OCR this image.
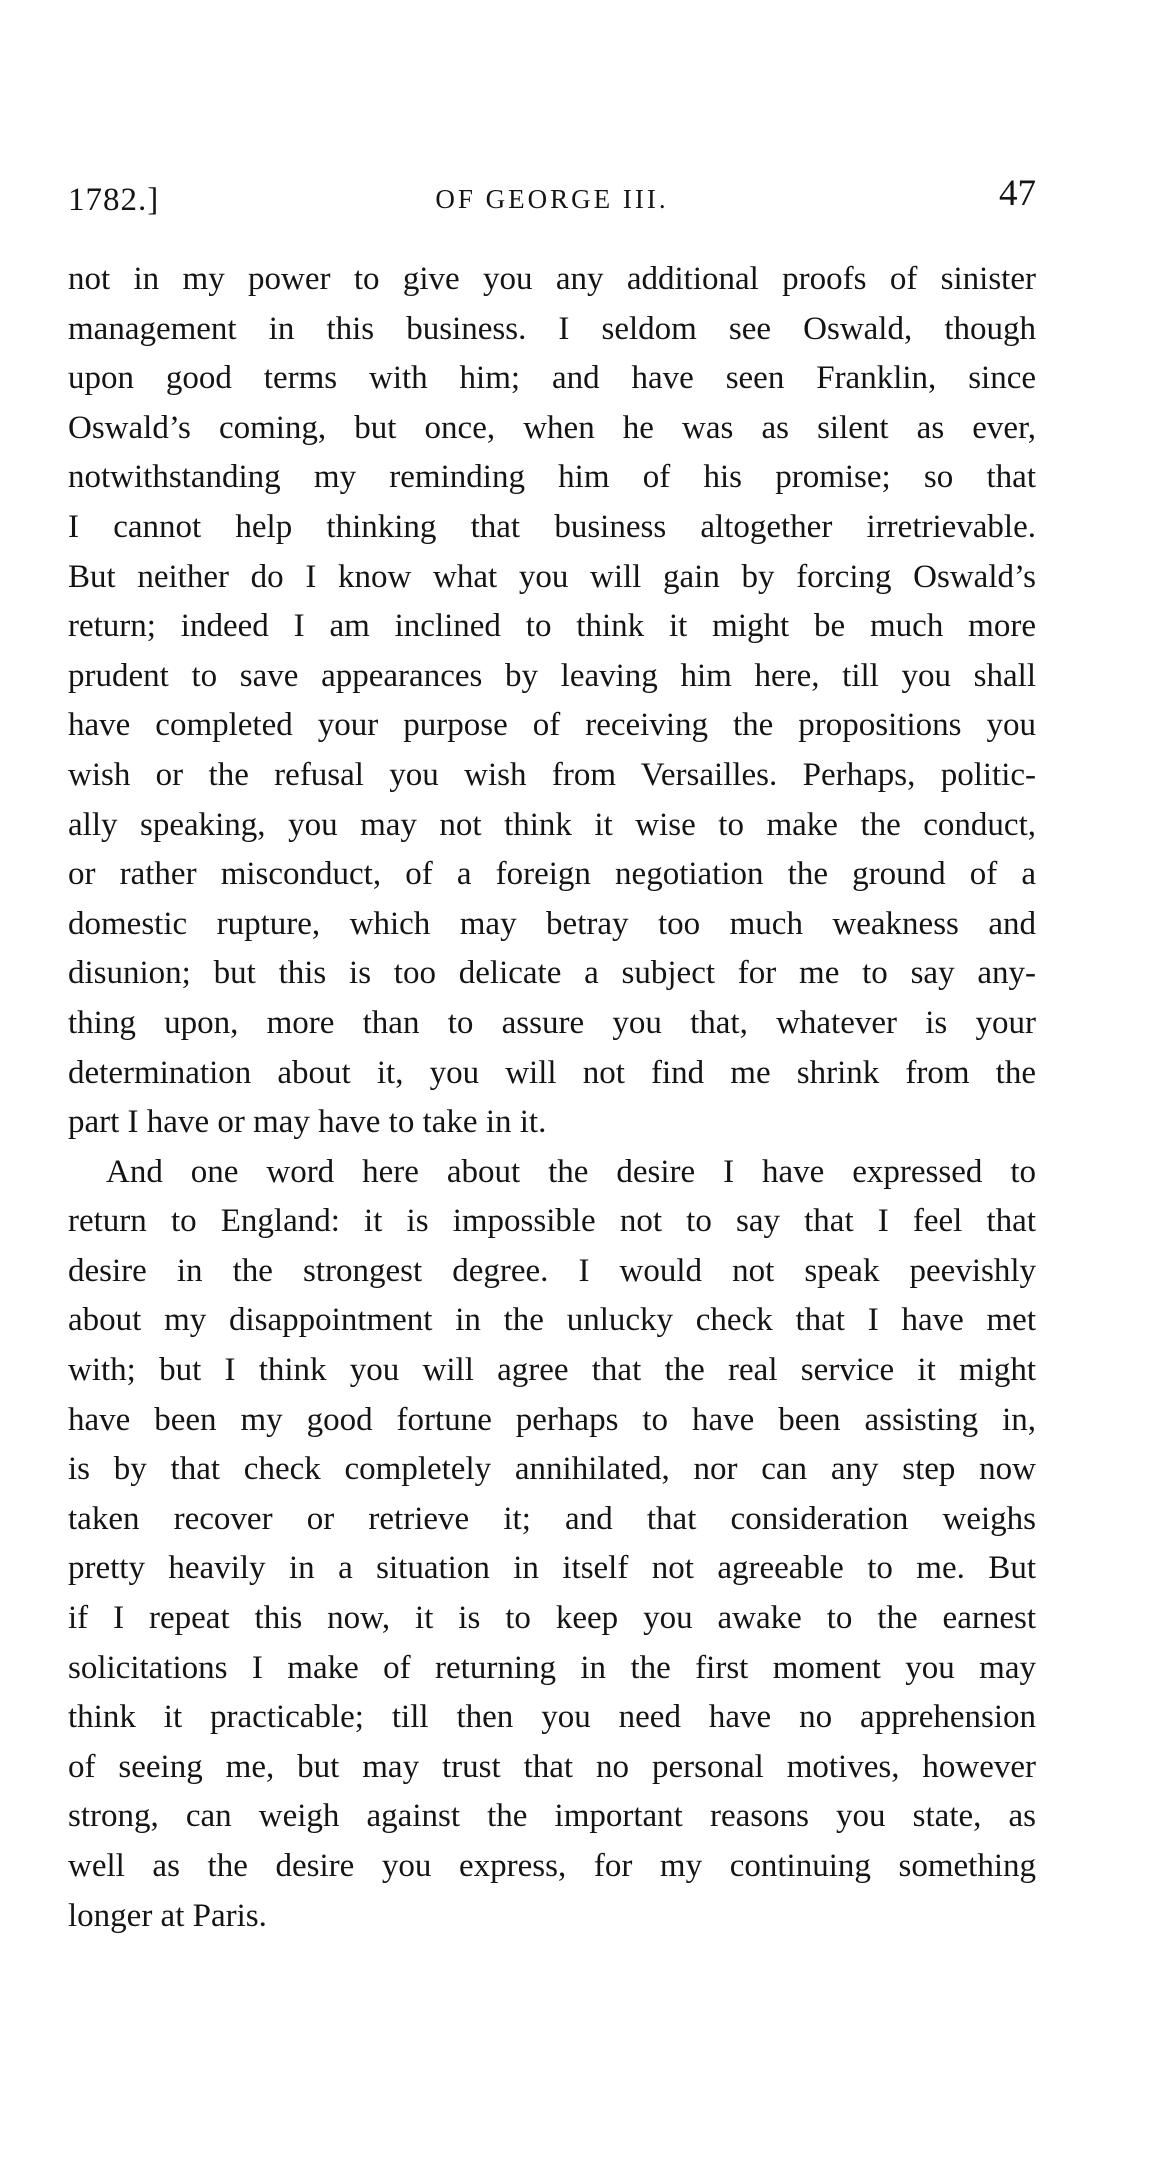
1782.]	OF GEORGE III.	47
not in my power to give you any additional proofs of sinister
management in this business. I seldom see Oswald, though
upon good terms with him; and have seen Franklin, since
Oswald’s coming, but once, when he was as silent as ever,
notwithstanding my reminding him of his promise; so that
I cannot help thinking that business altogether irretrievable.
But neither do I know what you will gain by forcing Oswald’s
return; indeed I am inclined to think it might be much more
prudent to save appearances by leaving him here, till you shall
have completed your purpose of receiving the propositions you
wish or the refusal you wish from Versailles. Perhaps, politic-
ally speaking, you may not think it wise to make the conduct,
or rather misconduct, of a foreign negotiation the ground of a
domestic rupture, which may betray too much weakness and
disunion; but this is too delicate a subject for me to say any-
thing upon, more than to assure you that, whatever is your
determination about it, you will not find me shrink from the
part I have or may have to take in it.
And one word here about the desire I have expressed to
return to England: it is impossible not to say that I feel that
desire in the strongest degree. I would not speak peevishly
about my disappointment in the unlucky check that I have met
with; but I think you will agree that the real service it might
have been my good fortune perhaps to have been assisting in,
is by that check completely annihilated, nor can any step now
taken recover or retrieve it; and that consideration weighs
pretty heavily in a situation in itself not agreeable to me. But
if I repeat this now, it is to keep you awake to the earnest
solicitations I make of returning in the first moment you may
think it practicable; till then you need have no apprehension
of seeing me, but may trust that no personal motives, however
strong, can weigh against the important reasons you state, as
well as the desire you express, for my continuing something
longer at Paris.
